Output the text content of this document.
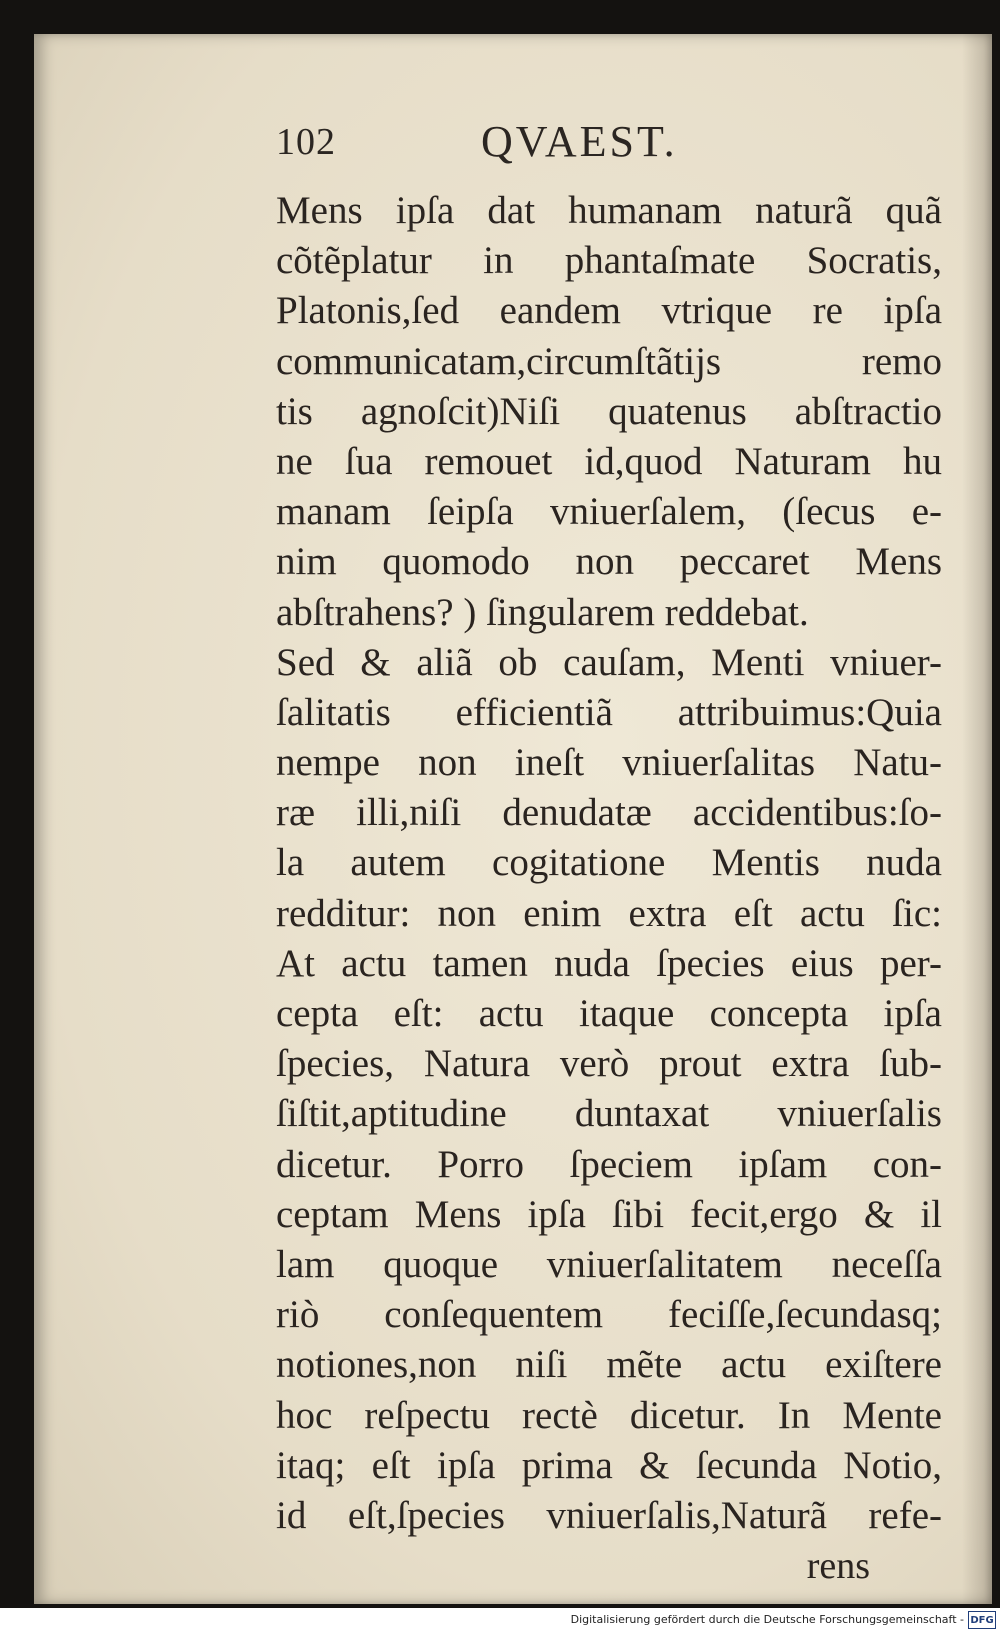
102	QVAEST.
Mens ipſa dat humanam naturã quã
cõtẽplatur in phantaſmate Socratis,
Platonis,ſed eandem vtrique re ipſa
communicatam,circumſtãtijs remo
tis agnoſcit)Niſi quatenus abſtractio
ne ſua remouet id,quod Naturam hu
manam ſeipſa vniuerſalem, (ſecus e-
nim quomodo non peccaret Mens
abſtrahens? ) ſingularem reddebat.
Sed & aliã ob cauſam, Menti vniuer-
ſalitatis efficientiã attribuimus:Quia
nempe non ineſt vniuerſalitas Natu-
ræ illi,niſi denudatæ accidentibus:ſo-
la autem cogitatione Mentis nuda
redditur: non enim extra eſt actu ſic:
At actu tamen nuda ſpecies eius per-
cepta eſt: actu itaque concepta ipſa
ſpecies, Natura verò prout extra ſub-
ſiſtit,aptitudine duntaxat vniuerſalis
dicetur. Porro ſpeciem ipſam con-
ceptam Mens ipſa ſibi fecit,ergo & il
lam quoque vniuerſalitatem neceſſa
riò conſequentem feciſſe,ſecundasq;
notiones,non niſi mẽte actu exiſtere
hoc reſpectu rectè dicetur. In Mente
itaq; eſt ipſa prima & ſecunda Notio,
id eſt,ſpecies vniuerſalis,Naturã refe-
rens
Digitalisierung gefördert durch die Deutsche Forschungsgemeinschaft - DFG
